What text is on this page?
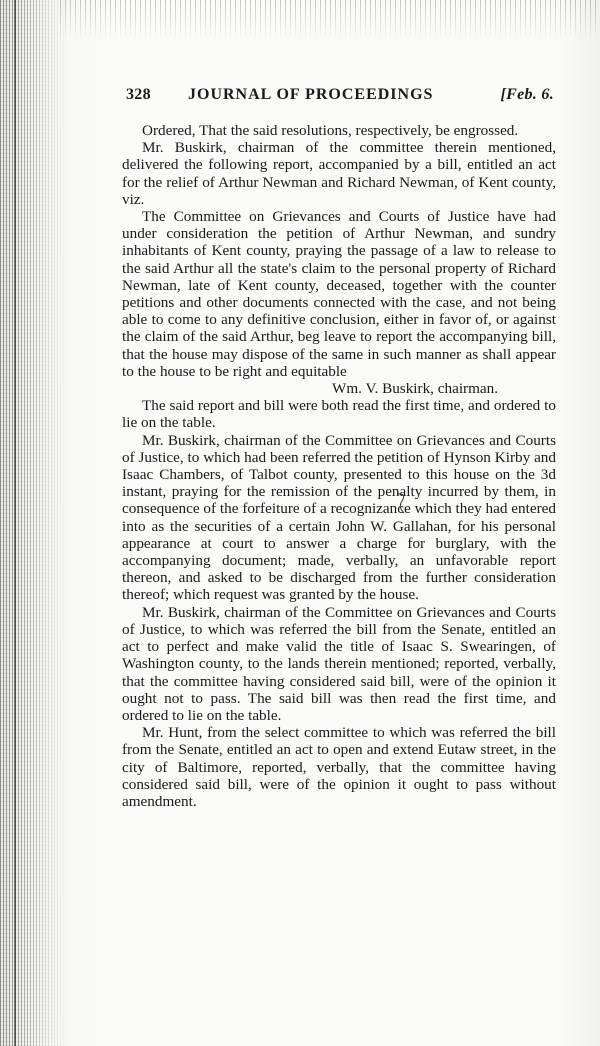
328 JOURNAL OF PROCEEDINGS	[Feb. 6.

Ordered, That the said resolutions, respectively, be engrossed.

Mr. Buskirk, chairman of the committee therein mentioned, delivered the following report, accompanied by a bill, entitled an act for the relief of Arthur Newman and Richard Newman, of Kent county, viz.

The Committee on Grievances and Courts of Justice have had under consideration the petition of Arthur Newman, and sundry inhabitants of Kent county, praying the passage of a law to release to the said Arthur all the state's claim to the personal property of Richard Newman, late of Kent county, deceased, together with the counter petitions and other documents connected with the case, and not being able to come to any definitive conclusion, either in favor of, or against the claim of the said Arthur, beg leave to report the accompanying bill, that the house may dispose of the same in such manner as shall appear to the house to be right and equitable

Wm. V. Buskirk, chairman.

The said report and bill were both read the first time, and ordered to lie on the table.

Mr. Buskirk, chairman of the Committee on Grievances and Courts of Justice, to which had been referred the petition of Hynson Kirby and Isaac Chambers, of Talbot county, presented to this house on the 3d instant, praying for the remission of the penalty incurred by them, in consequence of the forfeiture of a recognizance which they had entered into as the securities of a certain John W. Gallahan, for his personal appearance at court to answer a charge for burglary, with the accompanying document; made, verbally, an unfavorable report thereon, and asked to be discharged from the further consideration thereof; which request was granted by the house.

Mr. Buskirk, chairman of the Committee on Grievances and Courts of Justice, to which was referred the bill from the Senate, entitled an act to perfect and make valid the title of Isaac S. Swearingen, of Washington county, to the lands therein mentioned; reported, verbally, that the committee having considered said bill, were of the opinion it ought not to pass. The said bill was then read the first time, and ordered to lie on the table.

Mr. Hunt, from the select committee to which was referred the bill from the Senate, entitled an act to open and extend Eutaw street, in the city of Baltimore, reported, verbally, that the committee having considered said bill, were of the opinion it ought to pass without amendment.
